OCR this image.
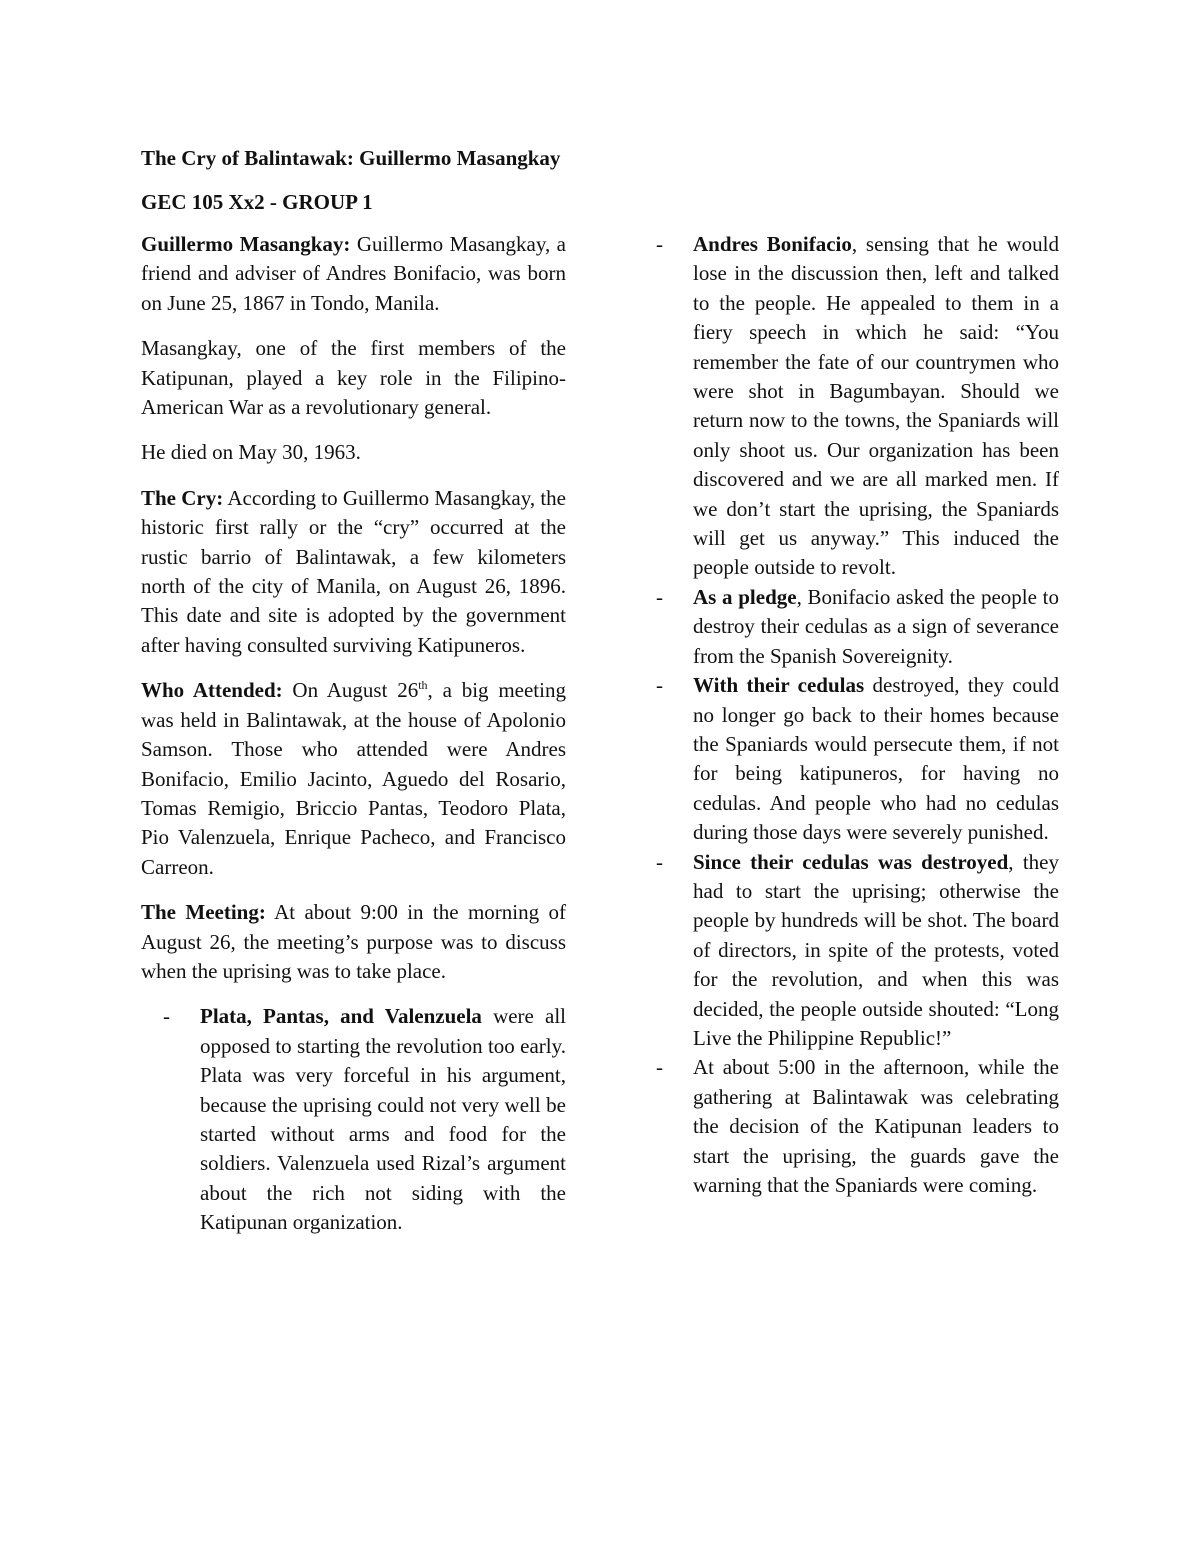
The Cry of Balintawak: Guillermo Masangkay
GEC 105 Xx2 - GROUP 1

Guillermo Masangkay: Guillermo Masangkay, a friend and adviser of Andres Bonifacio, was born on June 25, 1867 in Tondo, Manila.

Masangkay, one of the first members of the Katipunan, played a key role in the Filipino-American War as a revolutionary general.

He died on May 30, 1963.

The Cry: According to Guillermo Masangkay, the historic first rally or the “cry” occurred at the rustic barrio of Balintawak, a few kilometers north of the city of Manila, on August 26, 1896. This date and site is adopted by the government after having consulted surviving Katipuneros.

Who Attended: On August 26th, a big meeting was held in Balintawak, at the house of Apolonio Samson. Those who attended were Andres Bonifacio, Emilio Jacinto, Aguedo del Rosario, Tomas Remigio, Briccio Pantas, Teodoro Plata, Pio Valenzuela, Enrique Pacheco, and Francisco Carreon.

The Meeting: At about 9:00 in the morning of August 26, the meeting’s purpose was to discuss when the uprising was to take place.

-	Plata, Pantas, and Valenzuela were all opposed to starting the revolution too early. Plata was very forceful in his argument, because the uprising could not very well be started without arms and food for the soldiers. Valenzuela used Rizal’s argument about the rich not siding with the Katipunan organization.
-	Andres Bonifacio, sensing that he would lose in the discussion then, left and talked to the people. He appealed to them in a fiery speech in which he said: “You remember the fate of our countrymen who were shot in Bagumbayan. Should we return now to the towns, the Spaniards will only shoot us. Our organization has been discovered and we are all marked men. If we don’t start the uprising, the Spaniards will get us anyway.” This induced the people outside to revolt.
-	As a pledge, Bonifacio asked the people to destroy their cedulas as a sign of severance from the Spanish Sovereignity.
-	With their cedulas destroyed, they could no longer go back to their homes because the Spaniards would persecute them, if not for being katipuneros, for having no cedulas. And people who had no cedulas during those days were severely punished.
-	Since their cedulas was destroyed, they had to start the uprising; otherwise the people by hundreds will be shot. The board of directors, in spite of the protests, voted for the revolution, and when this was decided, the people outside shouted: “Long Live the Philippine Republic!”
-	At about 5:00 in the afternoon, while the gathering at Balintawak was celebrating the decision of the Katipunan leaders to start the uprising, the guards gave the warning that the Spaniards were coming.
